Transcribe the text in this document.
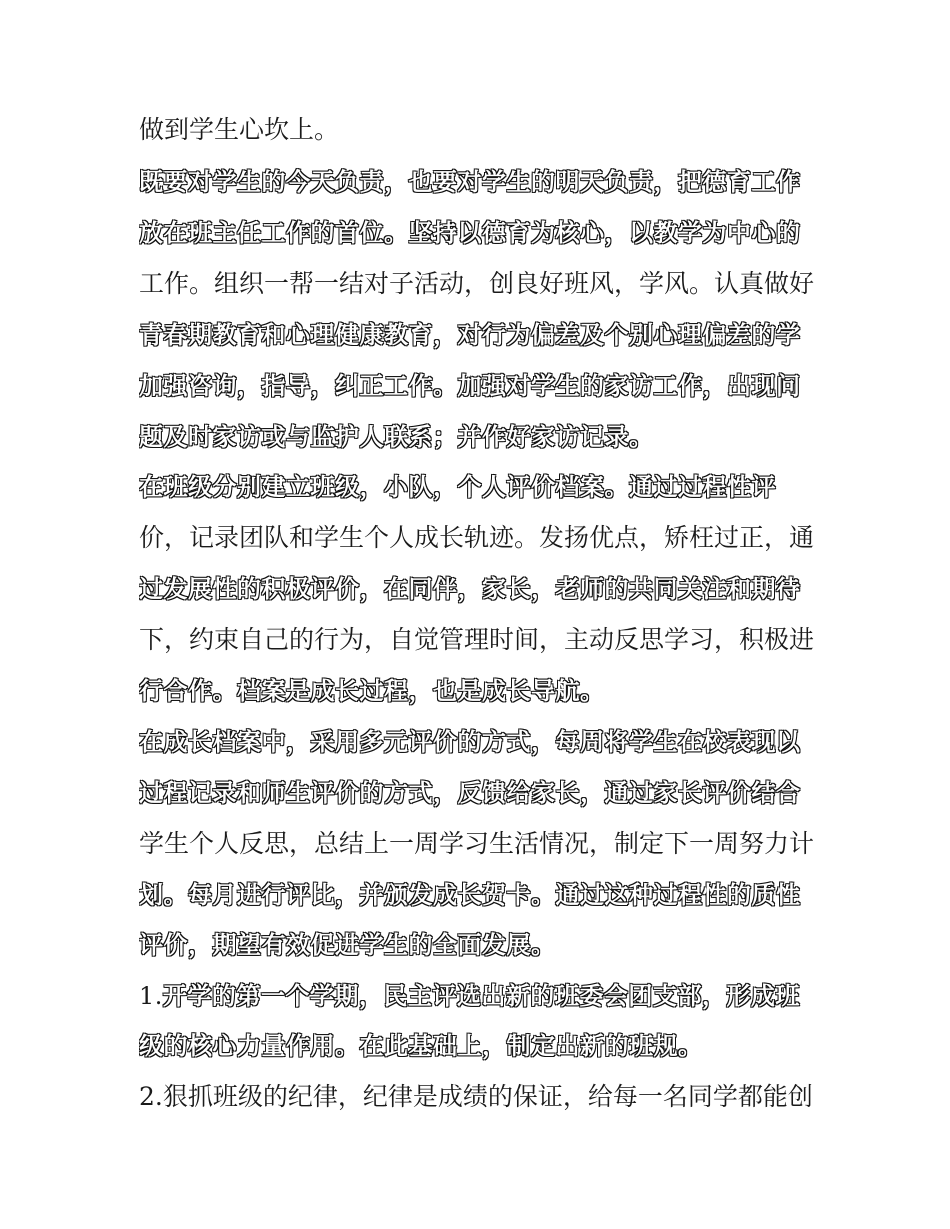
做到学生心坎上。
既要对学生的今天负责，也要对学生的明天负责，把德育工作
放在班主任工作的首位。坚持以德育为核心，以教学为中心的
工作。组织一帮一结对子活动，创良好班风，学风。认真做好
青春期教育和心理健康教育，对行为偏差及个别心理偏差的学
加强咨询，指导，纠正工作。加强对学生的家访工作，出现问
题及时家访或与监护人联系；并作好家访记录。
在班级分别建立班级，小队，个人评价档案。通过过程性评
价，记录团队和学生个人成长轨迹。发扬优点，矫枉过正，通
过发展性的积极评价，在同伴，家长，老师的共同关注和期待
下，约束自己的行为，自觉管理时间，主动反思学习，积极进
行合作。档案是成长过程，也是成长导航。
在成长档案中，采用多元评价的方式，每周将学生在校表现以
过程记录和师生评价的方式，反馈给家长，通过家长评价结合
学生个人反思，总结上一周学习生活情况，制定下一周努力计
划。每月进行评比，并颁发成长贺卡。通过这种过程性的质性
评价，期望有效促进学生的全面发展。
1.开学的第一个学期，民主评选出新的班委会团支部，形成班
级的核心力量作用。在此基础上，制定出新的班规。
2.狠抓班级的纪律，纪律是成绩的保证，给每一名同学都能创
